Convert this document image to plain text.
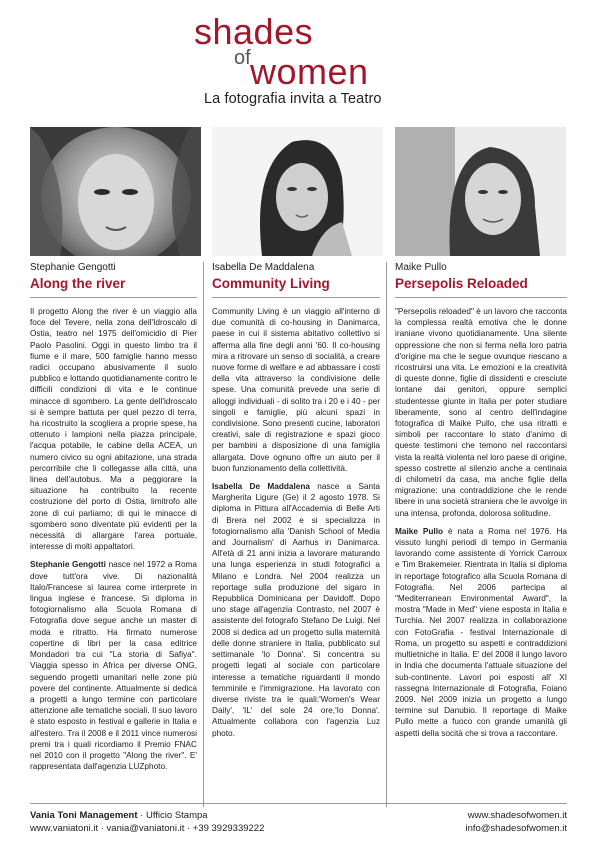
shades
of women
La fotografia invita a Teatro

Stephanie Gengotti

Along the river

Il progetto Along the river è un viaggio alla foce del Tevere, nella zona dell'Idroscalo di Ostia, teatro nel 1975 dell'omicidio di Pier Paolo Pasolini. Oggi in questo limbo tra il fiume e il mare, 500 famiglie hanno messo radici occupano abusivamente il suolo pubblico e lottando quotidianamente contro le difficili condizioni di vita e le continue minacce di sgombero. La gente dell'idroscalo si è sempre battuta per quel pezzo di terra, ha ricostruito la scogliera a proprie spese, ha ottenuto i lampioni nella piazza principale, l'acqua potabile, le cabine della ACEA, un numero civico su ogni abitazione, una strada percorribile che li collegasse alla città, una linea dell'autobus. Ma a peggiorare la situazione ha contribuito la recente costruzione del porto di Ostia, limitrofo alle zone di cui parliamo; di qui le minacce di sgombero sono diventate più evidenti per la necessità di allargare l'area portuale, interesse di molti appaltatori.

Stephanie Gengotti nasce nel 1972 a Roma dove tutt'ora vive. Di nazionalità Italo/Francese si laurea come interprete in lingua inglese e francese. Si diploma in fotogiornalismo alla Scuola Romana di Fotografia dove segue anche un master di moda e ritratto. Ha firmato numerose copertine di libri per la casa editrice Mondadori tra cui "La storia di Safiya". Viaggia spesso in Africa per diverse ONG, seguendo progetti umanitari nelle zone più povere del continente. Attualmente si dedica a progetti a lungo termine con particolare attenzione alle tematiche sociali. Il suo lavoro è stato esposto in festival e gallerie in Italia e all'estero. Tra il 2008 e il 2011 vince numerosi premi tra i quali ricordiamo il Premio FNAC nel 2010 con il progetto "Along the river". E' rappresentata dall'agenzia LUZphoto.

Isabella De Maddalena

Community Living

Community Living è un viaggio all'interno di due comunità di co-housing in Danimarca, paese in cui il sistema abitativo collettivo si afferma alla fine degli anni '60. Il co-housing mira a ritrovare un senso di socialità, a creare nuove forme di welfare e ad abbassare i costi della vita attraverso la condivisione delle spese. Una comunità prevede una serie di alloggi individuali - di solito tra i 20 e i 40 - per singoli e famiglie, più alcuni spazi in condivisione. Sono presenti cucine, laboratori creativi, sale di registrazione e spazi gioco per bambini a disposizione di una famiglia allargata. Dove ognuno offre un aiuto per il buon funzionamento della collettività.

Isabella De Maddalena nasce a Santa Margherita Ligure (Ge) il 2 agosto 1978. Si diploma in Pittura all'Accademia di Belle Arti di Brera nel 2002 e si specializza in fotogiornalismo alla 'Danish School of Media and Journalism' di Aarhus in Danimarca. All'età di 21 anni inizia a lavorare maturando una lunga esperienza in studi fotografici a Milano e Londra. Nel 2004 realizza un reportage sulla produzione del sigaro in Repubblica Dominicana per Davidoff. Dopo uno stage all'agenzia Contrasto, nel 2007 è assistente del fotografo Stefano De Luigi. Nel 2008 si dedica ad un progetto sulla maternità delle donne straniere in Italia, pubblicato sul settimanale 'Io Donna'. Si concentra su progetti legati al sociale con particolare interesse a tematiche riguardanti il mondo femminile e l'immigrazione. Ha lavorato con diverse riviste tra le quali:'Women's Wear Daily', 'IL' del sole 24 ore,'Io Donna'. Attualmente collabora con l'agenzia Luz photo.

Maike Pullo

Persepolis Reloaded

"Persepolis reloaded" è un lavoro che racconta la complessa realtà emotiva che le donne iraniane vivono quotidianamente. Una silente oppressione che non si ferma nella loro patria d'origine ma che le segue ovunque riescano a ricostruirsi una vita. Le emozioni e la creatività di queste donne, figlie di dissidenti e cresciute lontane dai genitori, oppure semplici studentesse giunte in Italia per poter studiare liberamente, sono al centro dell'indagine fotografica di Maike Pullo, che usa ritratti e simboli per raccontare lo stato d'animo di queste testimoni che temono nel raccontarsi vista la realtà violenta nel loro paese di origine, spesso costrette al silenzio anche a centinaia di chilometri da casa, ma anche figlie della migrazione: una contraddizione che le rende libere in una società straniera che le avvolge in una intensa, profonda, dolorosa solitudine.

Maike Pullo è nata a Roma nel 1976. Ha vissuto lunghi periodi di tempo in Germania lavorando come assistente di Yorrick Carroux e Tim Brakemeier. Rientrata in Italia si diploma in reportage fotografico alla Scuola Romana di Fotografia. Nel 2006 partecipa al "Mediterranean Environmental Award", la mostra "Made in Med" viene esposta in Italia e Turchia. Nel 2007 realizza in collaborazione con FotoGrafia - festival Internazionale di Roma, un progetto su aspetti e contraddizioni multietniche in Italia. E' del 2008 il lungo lavoro in India che documenta l'attuale situazione del sub-continente. Lavori poi esposti all' XI rassegna Internazionale di Fotografia, Foiano 2009. Nel 2009 inizia un progetto a lungo termine sul Danubio. Il reportage di Maike Pullo mette a fuoco con grande umanità gli aspetti della socità che si trova a raccontare.

Vania Toni Management · Ufficio Stampa
www.vaniatoni.it · vania@vaniatoni.it · +39 3929339222
www.shadesofwomen.it
info@shadesofwomen.it
